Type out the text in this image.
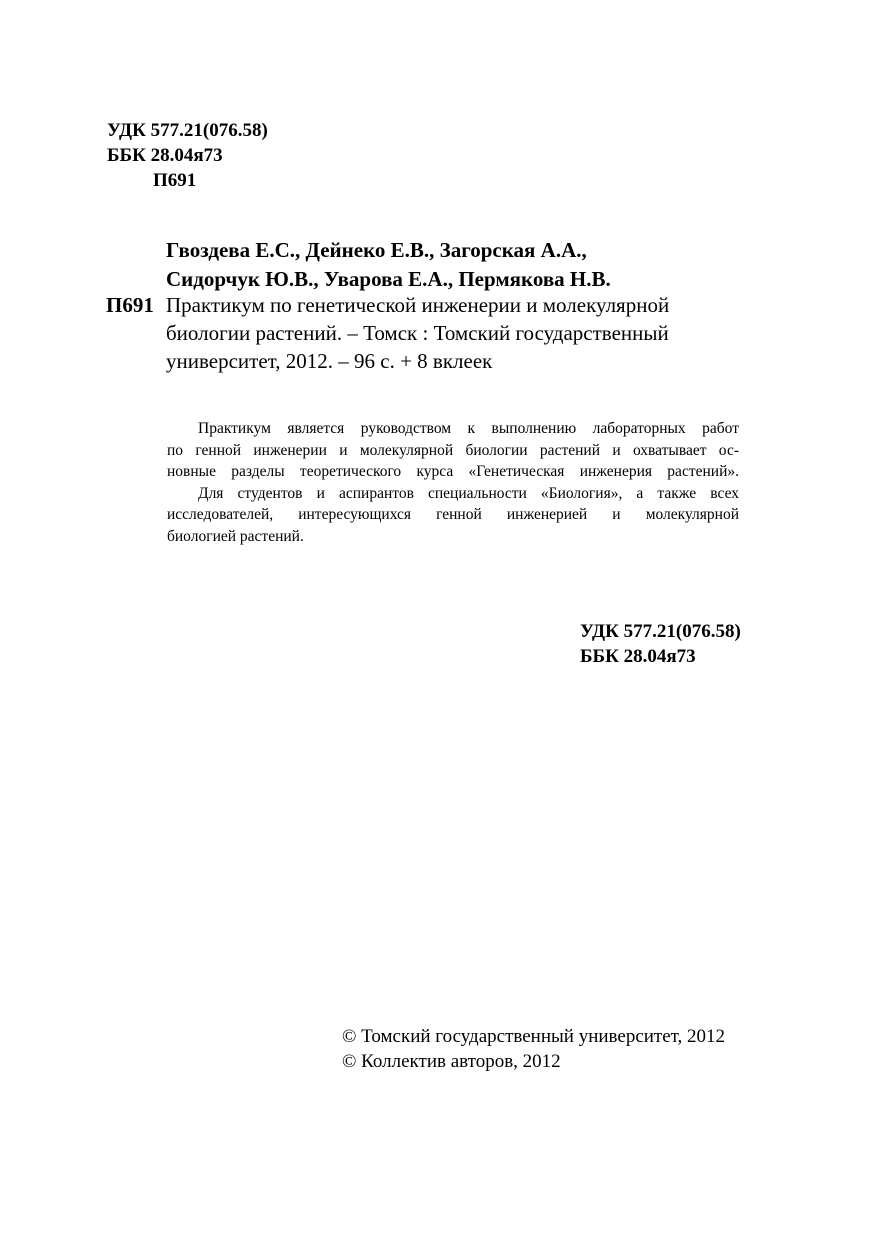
УДК 577.21(076.58)
ББК 28.04я73
П691
Гвоздева Е.С., Дейнеко Е.В., Загорская А.А.,
Сидорчук Ю.В., Уварова Е.А., Пермякова Н.В.
П691 Практикум по генетической инженерии и молекулярной
биологии растений. – Томск : Томский государственный
университет, 2012. – 96 с. + 8 вклеек

Практикум является руководством к выполнению лабораторных работ
по генной инженерии и молекулярной биологии растений и охватывает ос-
новные разделы теоретического курса «Генетическая инженерия растений».

Для студентов и аспирантов специальности «Биология», а также всех
исследователей, интересующихся генной инженерией и молекулярной
биологией растений.

УДК 577.21(076.58)
ББК 28.04я73
© Томский государственный университет, 2012
© Коллектив авторов, 2012
